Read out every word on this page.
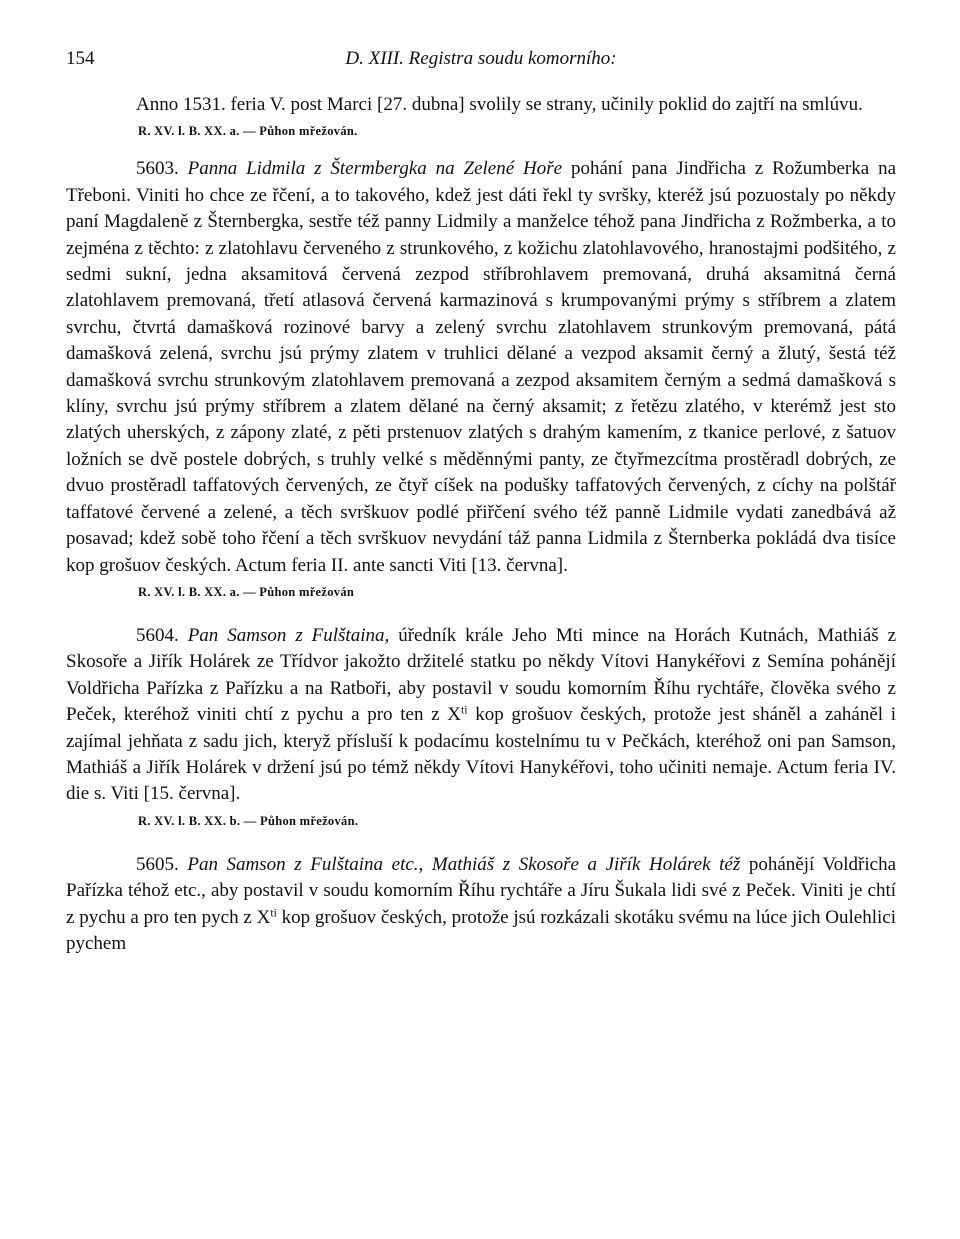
154	D. XIII. Registra soudu komorního:

Anno 1531. feria V. post Marci [27. dubna] svolily se strany, učinily poklid do zajtří na smlúvu.

R. XV. l. B. XX. a. — Půhon mřežován.

5603. Panna Lidmila z Štermbergka na Zelené Hoře pohání pana Jindřicha z Rožumberka na Třeboni. Viniti ho chce ze řčení, a to takového, kdež jest dáti řekl ty svršky, kteréž jsú pozuostaly po někdy paní Magdaleně z Šternbergka, sestře též panny Lidmily a manželce téhož pana Jindřicha z Rožmberka, a to zejména z těchto: z zlatohlavu červeného z strunkového, z kožichu zlatohlavového, hranostajmi podšitého, z sedmi sukní, jedna aksamitová červená zezpod stříbrohlavem premovaná, druhá aksamitná černá zlatohlavem premovaná, třetí atlasová červená karmazinová s krumpovanými prýmy s stříbrem a zlatem svrchu, čtvrtá damašková rozinové barvy a zelený svrchu zlatohlavem strunkovým premovaná, pátá damašková zelená, svrchu jsú prýmy zlatem v truhlici dělané a vezpod aksamit černý a žlutý, šestá též damašková svrchu strunkovým zlatohlavem premovaná a zezpod aksamitem černým a sedmá damašková s klíny, svrchu jsú prýmy stříbrem a zlatem dělané na černý aksamit; z řetězu zlatého, v kterémž jest sto zlatých uherských, z zápony zlaté, z pěti prstenuov zlatých s drahým kamením, z tkanice perlové, z šatuov ložních se dvě postele dobrých, s truhly velké s měděnnými panty, ze čtyřmezcítma prostěradl dobrých, ze dvuo prostěradl taffatových červených, ze čtyř cíšek na podušky taffatových červených, z cíchy na polštář taffatové červené a zelené, a těch svrškuov podlé přiřčení svého též panně Lidmile vydati zanedbává až posavad; kdež sobě toho řčení a těch svrškuov nevydání táž panna Lidmila z Šternberka pokládá dva tisíce kop grošuov českých. Actum feria II. ante sancti Viti [13. června].

R. XV. l. B. XX. a. — Půhon mřežován

5604. Pan Samson z Fulštaina, úředník krále Jeho Mti mince na Horách Kutnách, Mathiáš z Skosoře a Jiřík Holárek ze Třídvor jakožto držitelé statku po někdy Vítovi Hanykéřovi z Semína pohánějí Voldřicha Pařízka z Pařízku a na Ratboři, aby postavil v soudu komorním Říhu rychtáře, člověka svého z Peček, kteréhož viniti chtí z pychu a pro ten z $X^{ti}$ kop grošuov českých, protože jest sháněl a zaháněl i zajímal jehňata z sadu jich, kteryž přísluší k podacímu kostelnímu tu v Pečkách, kteréhož oni pan Samson, Mathiáš a Jiřík Holárek v držení jsú po témž někdy Vítovi Hanykéřovi, toho učiniti nemaje. Actum feria IV. die s. Viti [15. června].

R. XV. l. B. XX. b. — Půhon mřežován.

5605. Pan Samson z Fulštaina etc., Mathiáš z Skosoře a Jiřík Holárek též pohánějí Voldřicha Pařízka téhož etc., aby postavil v soudu komorním Říhu rychtáře a Jíru Šukala lidi své z Peček. Viniti je chtí z pychu a pro ten pych z $X^{ti}$ kop grošuov českých, protože jsú rozkázali skotáku svému na lúce jich Oulehlici pychem
